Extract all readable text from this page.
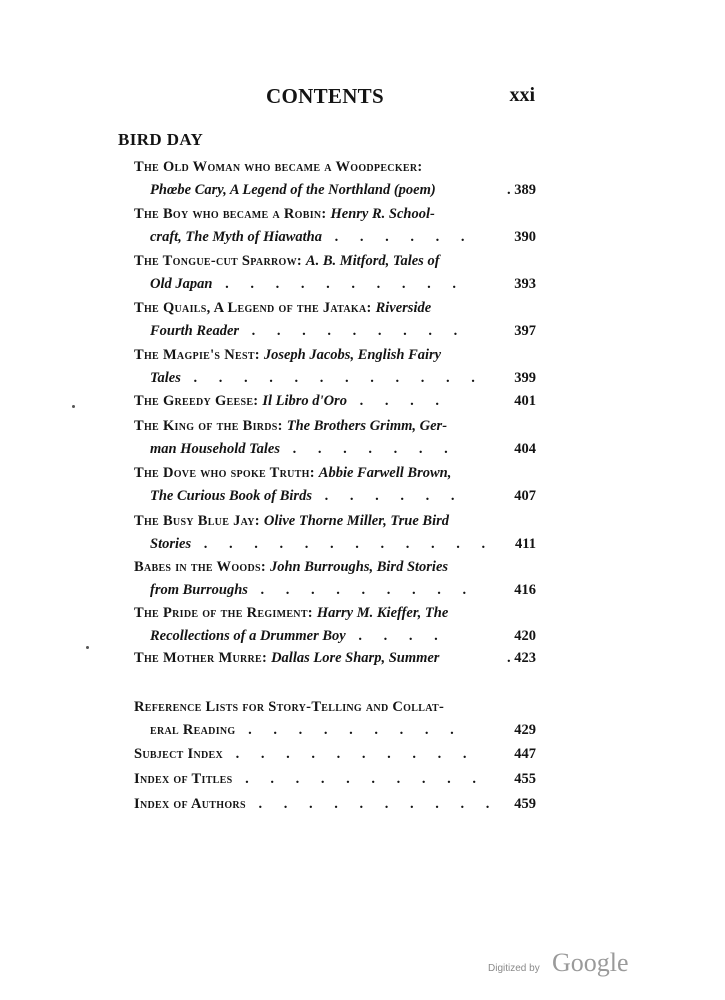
CONTENTS	xxi
BIRD DAY
The Old Woman who became a Woodpecker:
Phœbe Cary, A Legend of the Northland (poem)	. 389
The Boy who became a Robin: Henry R. School-
craft, The Myth of Hiawatha . . . . . .	390
The Tongue-cut Sparrow: A. B. Mitford, Tales of
Old Japan . . . . . . . . . .	393
The Quails, A Legend of the Jataka: Riverside
Fourth Reader . . . . . . . . .	397
The Magpie's Nest: Joseph Jacobs, English Fairy
Tales . . . . . . . . . . . . 399
The Greedy Geese: Il Libro d'Oro . . . .	401
The King of the Birds: The Brothers Grimm, Ger-
man Household Tales . . . . . . .	404
The Dove who spoke Truth: Abbie Farwell Brown,
The Curious Book of Birds . . . . . .	407
The Busy Blue Jay: Olive Thorne Miller, True Bird
Stories . . . . . . . . . . . . 411
Babes in the Woods: John Burroughs, Bird Stories
from Burroughs . . . . . . . . .	416
The Pride of the Regiment: Harry M. Kieffer, The
Recollections of a Drummer Boy . . . .	420
The Mother Murre: Dallas Lore Sharp, Summer	. 423
Reference Lists for Story-Telling and Collat-
eral Reading . . . . . . . . .	429
Subject Index . . . . . . . . . .	447
Index of Titles . . . . . . . . . . 455
Index of Authors . . . . . . . . . . 459
Digitized by Google
